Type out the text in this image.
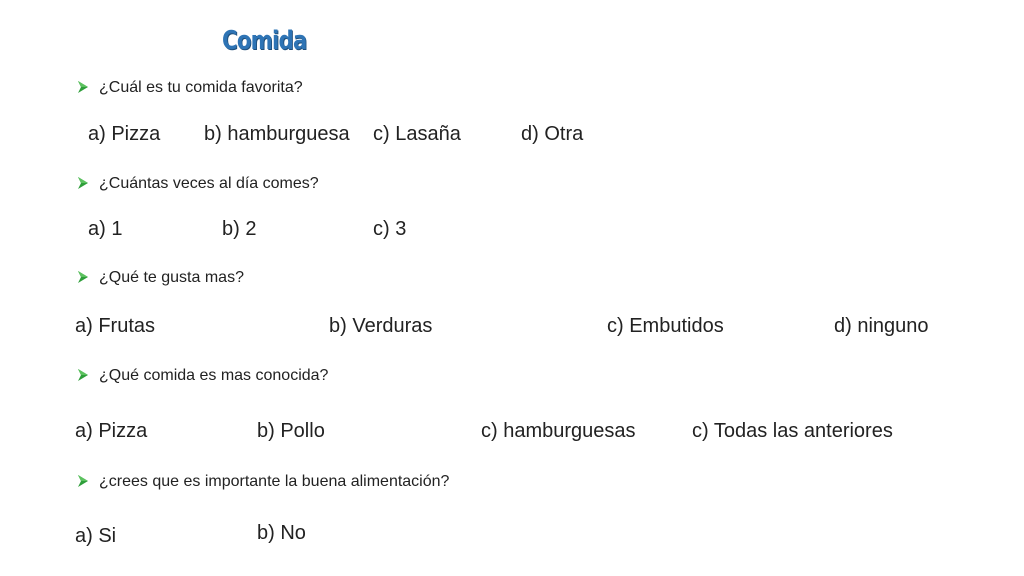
Comida
¿Cuál es tu comida favorita?
a) Pizza b) hamburguesa c) Lasaña	d) Otra
¿Cuántas veces al día comes?
a) 1	b) 2	c) 3
¿Qué te gusta mas?
a) Frutas	b) Verduras	c) Embutidos	d) ninguno
¿Qué comida es mas conocida?
a) Pizza	b) Pollo	c) hamburguesas	c) Todas las anteriores
¿crees que es importante la buena alimentación?
a) Si	b) No
